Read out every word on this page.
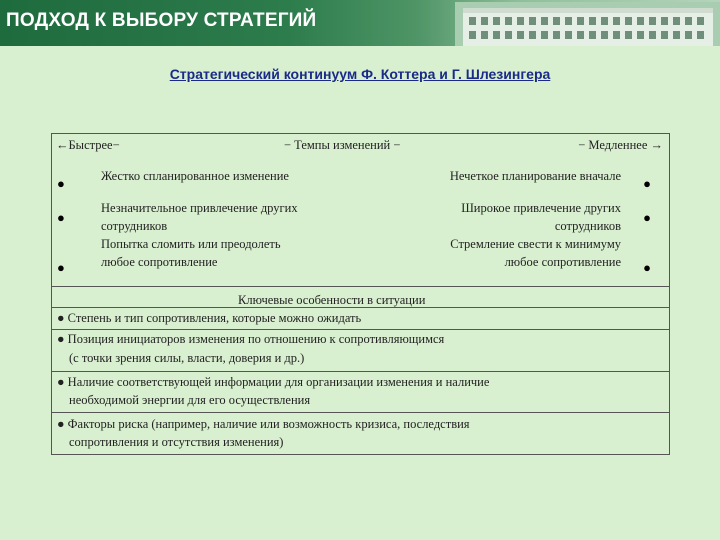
ПОДХОД К ВЫБОРУ СТРАТЕГИЙ
Стратегический континуум Ф. Коттера и Г. Шлезингера
←Быстрее−	− Темпы изменений −	− Медленнее →
●
●
●
Жестко спланированное изменение
Незначительное привлечение других
сотрудников
Попытка сломить или преодолеть
любое сопротивление
Нечеткое планирование вначале
Широкое привлечение других
сотрудников
Стремление свести к минимуму
любое сопротивление
●
●
●
Ключевые особенности в ситуации
● Степень и тип сопротивления, которые можно ожидать
● Позиция инициаторов изменения по отношению к сопротивляющимся
(с точки зрения силы, власти, доверия и др.)
● Наличие соответствующей информации для организации изменения и наличие
необходимой энергии для его осуществления
● Факторы риска (например, наличие или возможность кризиса, последствия
сопротивления и отсутствия изменения)
